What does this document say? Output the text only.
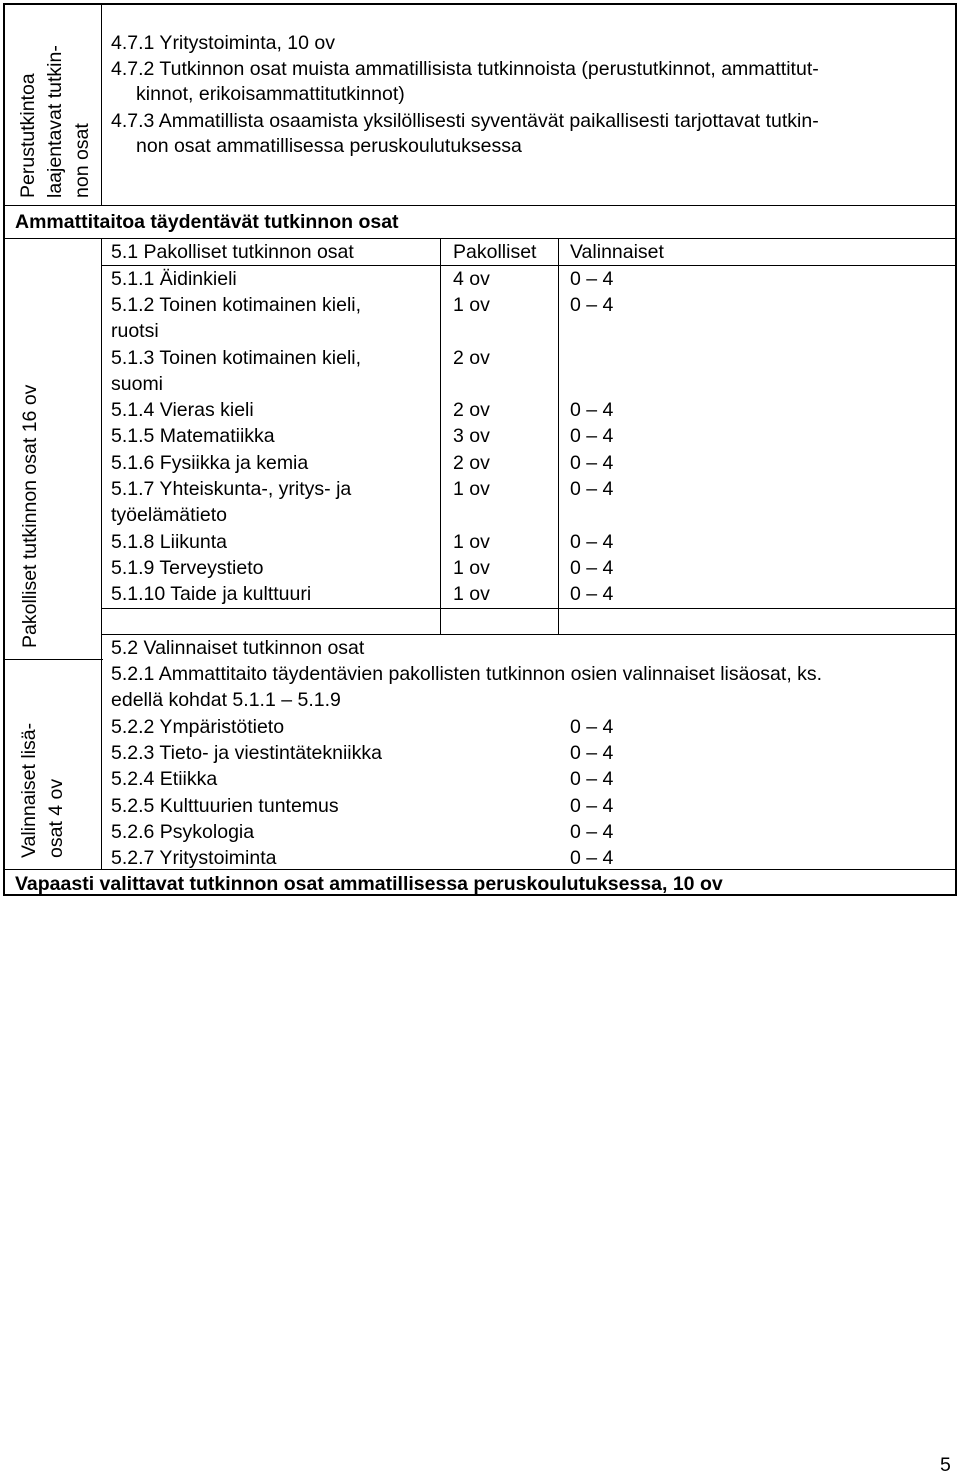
Perustutkintoa laajentavat tutkin- non osat
4.7.1 Yritystoiminta, 10 ov
4.7.2 Tutkinnon osat muista ammatillisista tutkinnoista (perustutkinnot, ammattitut-
kinnot, erikoisammattitutkinnot)
4.7.3 Ammatillista osaamista yksilöllisesti syventävät paikallisesti tarjottavat tutkin-
non osat ammatillisessa peruskoulutuksessa
Ammattitaitoa täydentävät tutkinnon osat
Pakolliset tutkinnon osat 16 ov
5.1 Pakolliset tutkinnon osat	Pakolliset Valinnaiset
5.1.1 Äidinkieli	4 ov	0 – 4
5.1.2 Toinen kotimainen kieli,
ruotsi
1 ov	0 – 4
5.1.3 Toinen kotimainen kieli,
suomi
2 ov
5.1.4 Vieras kieli	2 ov	0 – 4
5.1.5 Matematiikka	3 ov	0 – 4
5.1.6 Fysiikka ja kemia	2 ov	0 – 4
5.1.7 Yhteiskunta-, yritys- ja
työelämätieto
1 ov	0 – 4
5.1.8 Liikunta	1 ov	0 – 4
5.1.9 Terveystieto	1 ov	0 – 4
5.1.10 Taide ja kulttuuri	1 ov	0 – 4
Valinnaiset lisä- osat 4 ov
5.2 Valinnaiset tutkinnon osat
5.2.1 Ammattitaito täydentävien pakollisten tutkinnon osien valinnaiset lisäosat, ks.
edellä kohdat 5.1.1 – 5.1.9
5.2.2 Ympäristötieto	0 – 4
5.2.3 Tieto- ja viestintätekniikka	0 – 4
5.2.4 Etiikka	0 – 4
5.2.5 Kulttuurien tuntemus	0 – 4
5.2.6 Psykologia	0 – 4
5.2.7 Yritystoiminta	0 – 4
Vapaasti valittavat tutkinnon osat ammatillisessa peruskoulutuksessa, 10 ov
5
